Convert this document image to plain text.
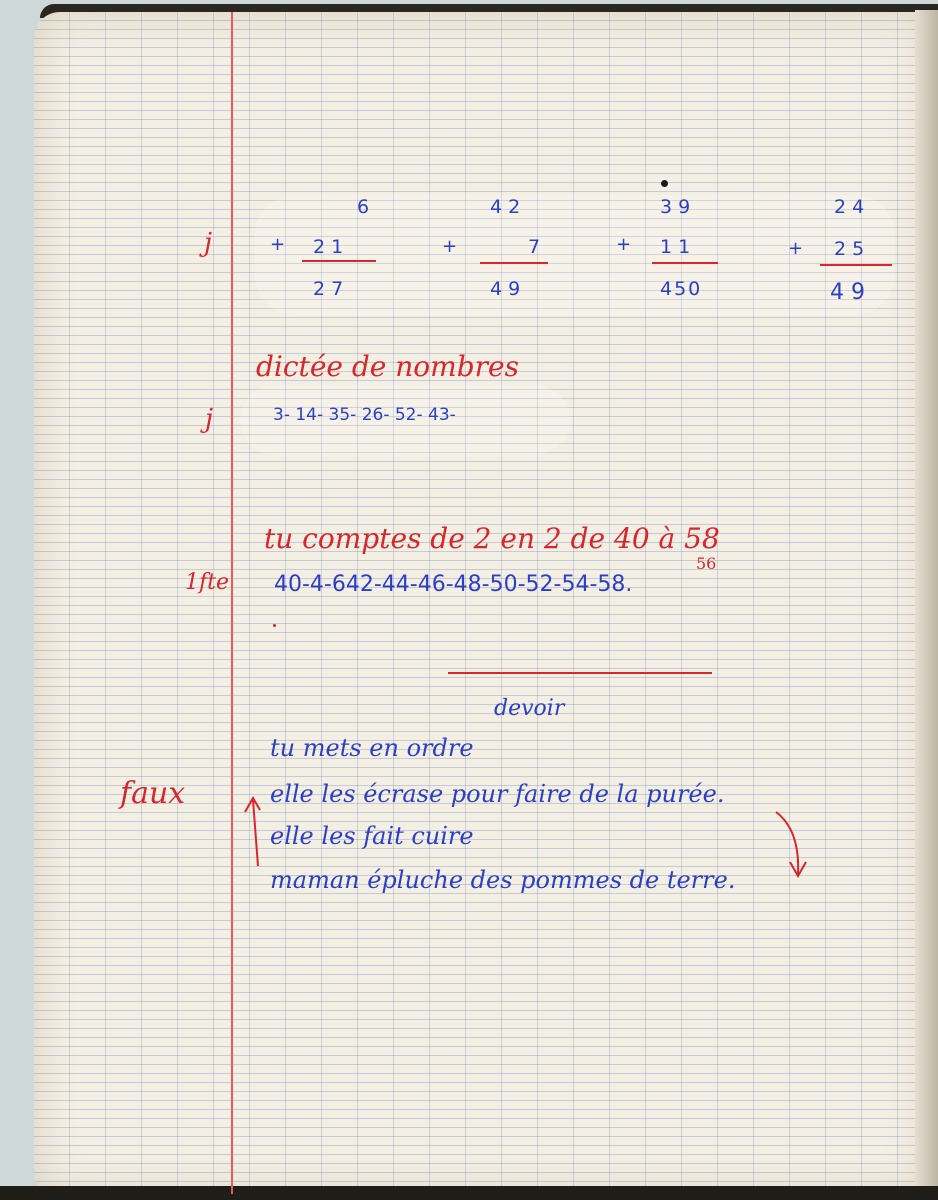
j
6
+ 2 1
2 7
4 2
+	7
4 9
3 9
+ 1 1
450
2 4
+ 2 5
4 9
dictée de nombres
j	3- 14- 35- 26- 52- 43-
tu comptes de 2 en 2 de 40 à 58
56
1fte 40-4-642-44-46-48-50-52-54-58.
devoir
faux
tu mets en ordre
elle les écrase pour faire de la purée.
elle les fait cuire
maman épluche des pommes de terre.
